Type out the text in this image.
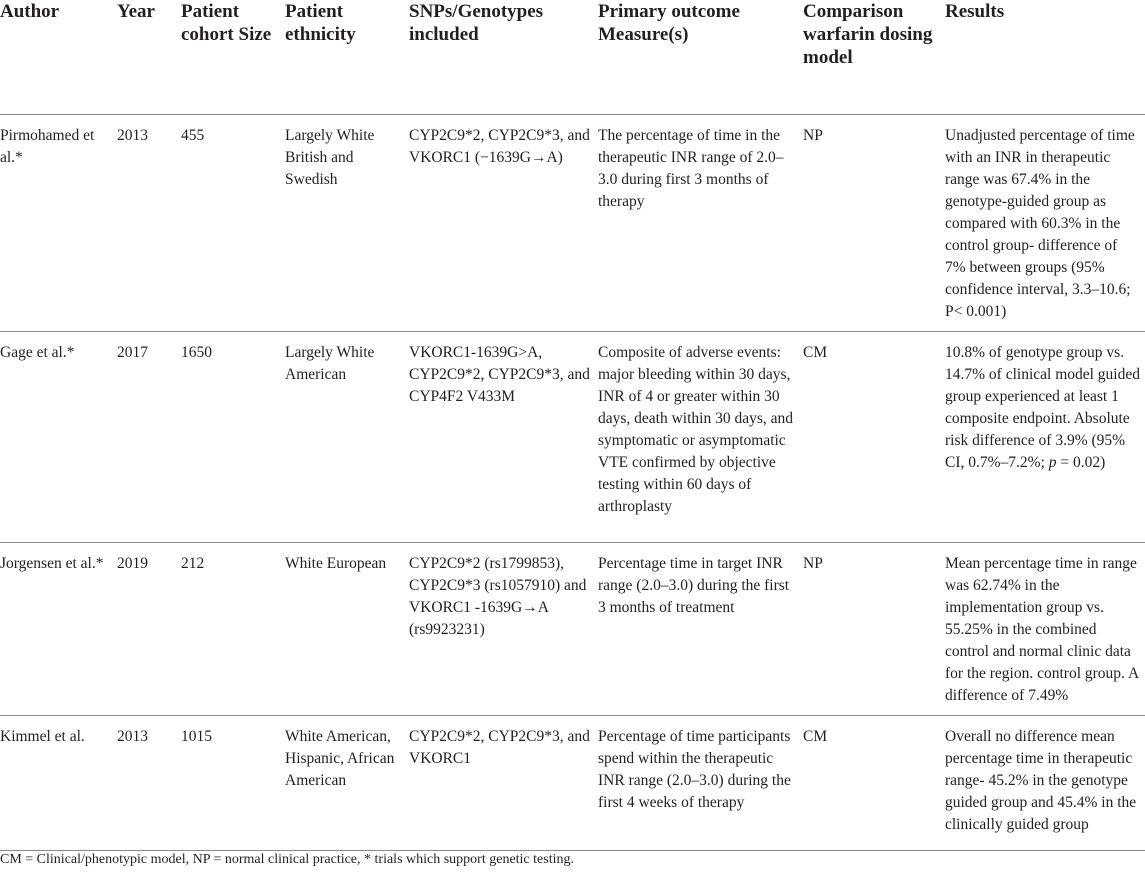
Author	Year	Patient cohort Size	Patient ethnicity	SNPs/Genotypes included	Primary outcome Measure(s)	Comparison warfarin dosing model	Results
Pirmohamed et al.*	2013	455	Largely White British and Swedish	CYP2C9*2, CYP2C9*3, and VKORC1 (−1639G→A)	The percentage of time in the therapeutic INR range of 2.0–3.0 during first 3 months of therapy	NP	Unadjusted percentage of time with an INR in therapeutic range was 67.4% in the genotype-guided group as compared with 60.3% in the control group- difference of 7% between groups (95% confidence interval, 3.3–10.6; P< 0.001)
Gage et al.*	2017	1650	Largely White American	VKORC1-1639G>A, CYP2C9*2, CYP2C9*3, and CYP4F2 V433M	Composite of adverse events: major bleeding within 30 days, INR of 4 or greater within 30 days, death within 30 days, and symptomatic or asymptomatic VTE confirmed by objective testing within 60 days of arthroplasty	CM	10.8% of genotype group vs. 14.7% of clinical model guided group experienced at least 1 composite endpoint. Absolute risk difference of 3.9% (95% CI, 0.7%–7.2%; p = 0.02)
Jorgensen et al.*	2019	212	White European	CYP2C9*2 (rs1799853), CYP2C9*3 (rs1057910) and VKORC1 -1639G→A (rs9923231)	Percentage time in target INR range (2.0–3.0) during the first 3 months of treatment	NP	Mean percentage time in range was 62.74% in the implementation group vs. 55.25% in the combined control and normal clinic data for the region. control group. A difference of 7.49%
Kimmel et al.	2013	1015	White American, Hispanic, African American	CYP2C9*2, CYP2C9*3, and VKORC1	Percentage of time participants spend within the therapeutic INR range (2.0–3.0) during the first 4 weeks of therapy	CM	Overall no difference mean percentage time in therapeutic range- 45.2% in the genotype guided group and 45.4% in the clinically guided group
CM = Clinical/phenotypic model, NP = normal clinical practice, * trials which support genetic testing.
